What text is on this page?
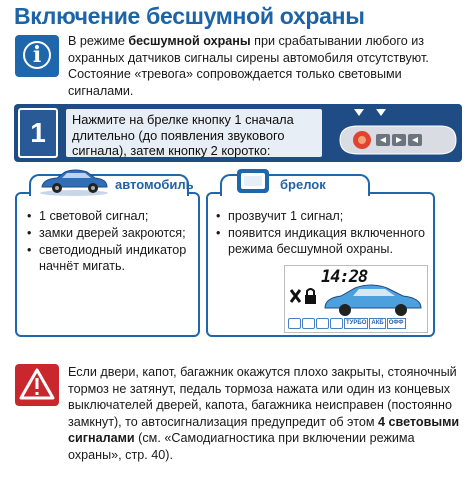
Включение бесшумной охраны
i

В режиме бесшумной охраны при срабатывании любого из охранных датчиков сигналы сирены автомобиля отсутствуют. Состояние «тревога» сопровождается только световыми сигналами.

1	Нажмите на брелке кнопку 1 сначала длительно (до появления звукового сигнала), затем кнопку 2 коротко:
автомобиль
• 1 световой сигнал;
• замки дверей закроются;
• светодиодный индикатор начнёт мигать.
брелок
• прозвучит 1 сигнал;
• появится индикация включенного режима бесшумной охраны.
14:28
ТУРБО АКБ ОФФ

Если двери, капот, багажник окажутся плохо закрыты, стояночный тормоз не затянут, педаль тормоза нажата или один из концевых выключателей дверей, капота, багажника неисправен (постоянно замкнут), то автосигнализация предупредит об этом 4 световыми сигналами (см. «Самодиагностика при включении режима охраны», стр. 40).
